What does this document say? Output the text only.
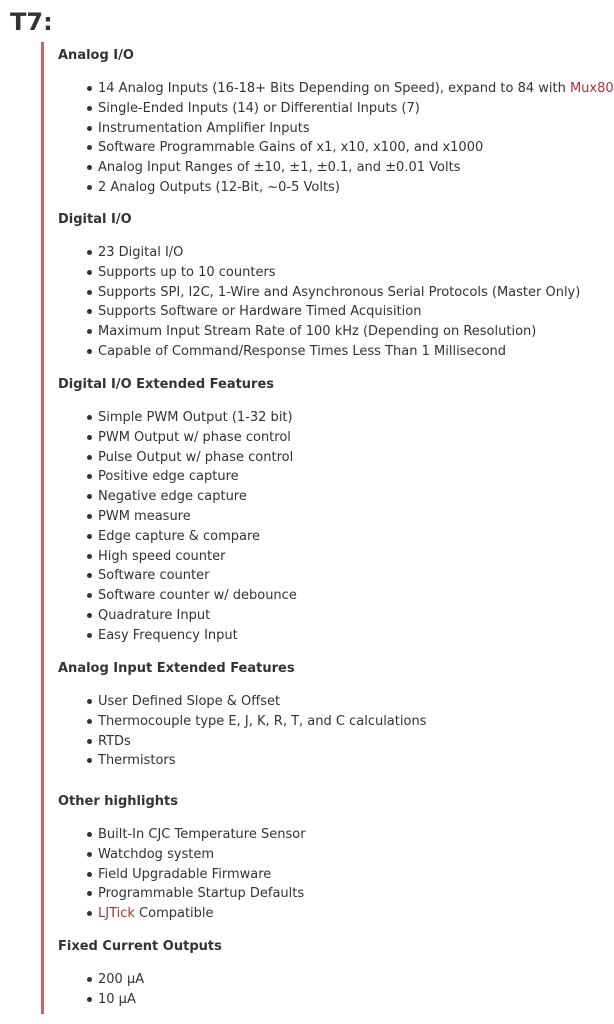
T7:
Analog I/O
14 Analog Inputs (16-18+ Bits Depending on Speed), expand to 84 with Mux80
Single-Ended Inputs (14) or Differential Inputs (7)
Instrumentation Amplifier Inputs
Software Programmable Gains of x1, x10, x100, and x1000
Analog Input Ranges of ±10, ±1, ±0.1, and ±0.01 Volts
2 Analog Outputs (12-Bit, ~0-5 Volts)
Digital I/O
23 Digital I/O
Supports up to 10 counters
Supports SPI, I2C, 1-Wire and Asynchronous Serial Protocols (Master Only)
Supports Software or Hardware Timed Acquisition
Maximum Input Stream Rate of 100 kHz (Depending on Resolution)
Capable of Command/Response Times Less Than 1 Millisecond
Digital I/O Extended Features
Simple PWM Output (1-32 bit)
PWM Output w/ phase control
Pulse Output w/ phase control
Positive edge capture
Negative edge capture
PWM measure
Edge capture & compare
High speed counter
Software counter
Software counter w/ debounce
Quadrature Input
Easy Frequency Input
Analog Input Extended Features
User Defined Slope & Offset
Thermocouple type E, J, K, R, T, and C calculations
RTDs
Thermistors
Other highlights
Built-In CJC Temperature Sensor
Watchdog system
Field Upgradable Firmware
Programmable Startup Defaults
LJTick Compatible
Fixed Current Outputs
200 µA
10 µA
